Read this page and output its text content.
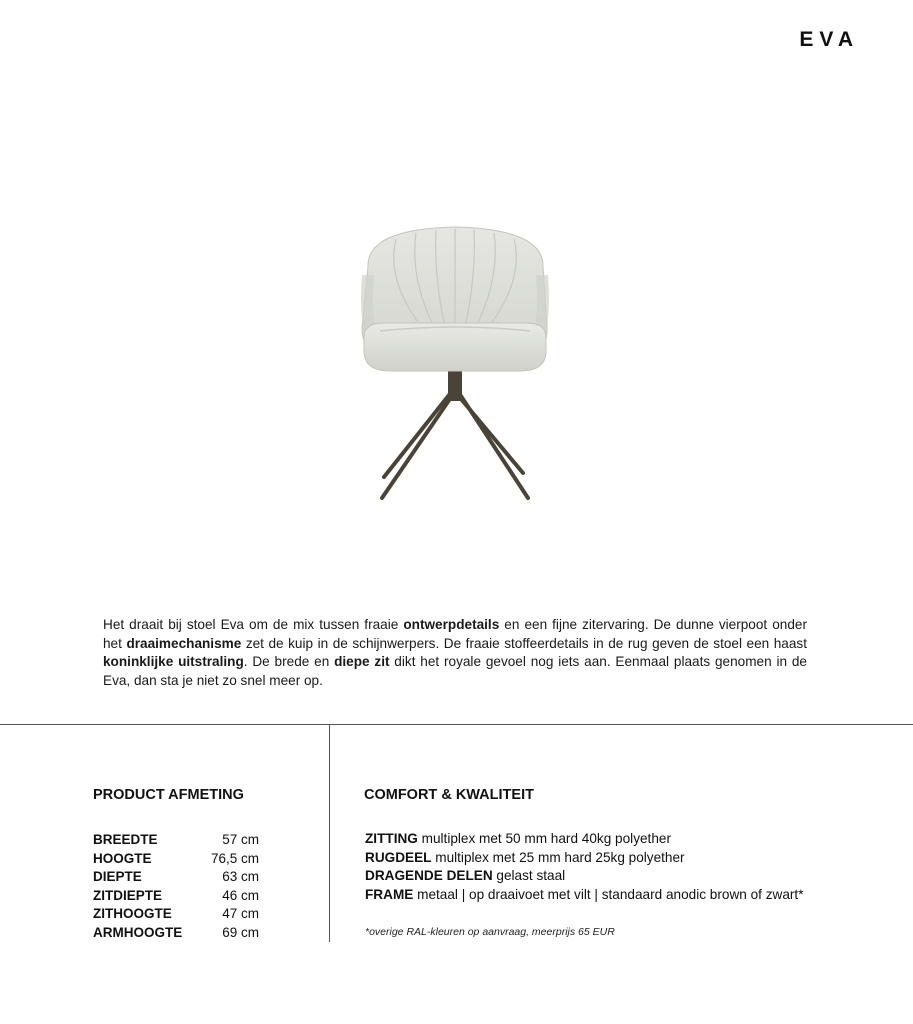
EVA
Het draait bij stoel Eva om de mix tussen fraaie ontwerpdetails en een fijne zitervaring. De dunne vierpoot onder het draaimechanisme zet de kuip in de schijnwerpers. De fraaie stoffeerdetails in de rug geven de stoel een haast koninklijke uitstraling. De brede en diepe zit dikt het royale gevoel nog iets aan. Eenmaal plaats genomen in de Eva, dan sta je niet zo snel meer op.
PRODUCT AFMETING	COMFORT & KWALITEIT
BREEDTE	57 cm
HOOGTE	76,5 cm
DIEPTE	63 cm
ZITDIEPTE	46 cm
ZITHOOGTE	47 cm
ARMHOOGTE	69 cm
ZITTING multiplex met 50 mm hard 40kg polyether
RUGDEEL multiplex met 25 mm hard 25kg polyether
DRAGENDE DELEN gelast staal
FRAME metaal | op draaivoet met vilt | standaard anodic brown of zwart*
*overige RAL-kleuren op aanvraag, meerprijs 65 EUR
